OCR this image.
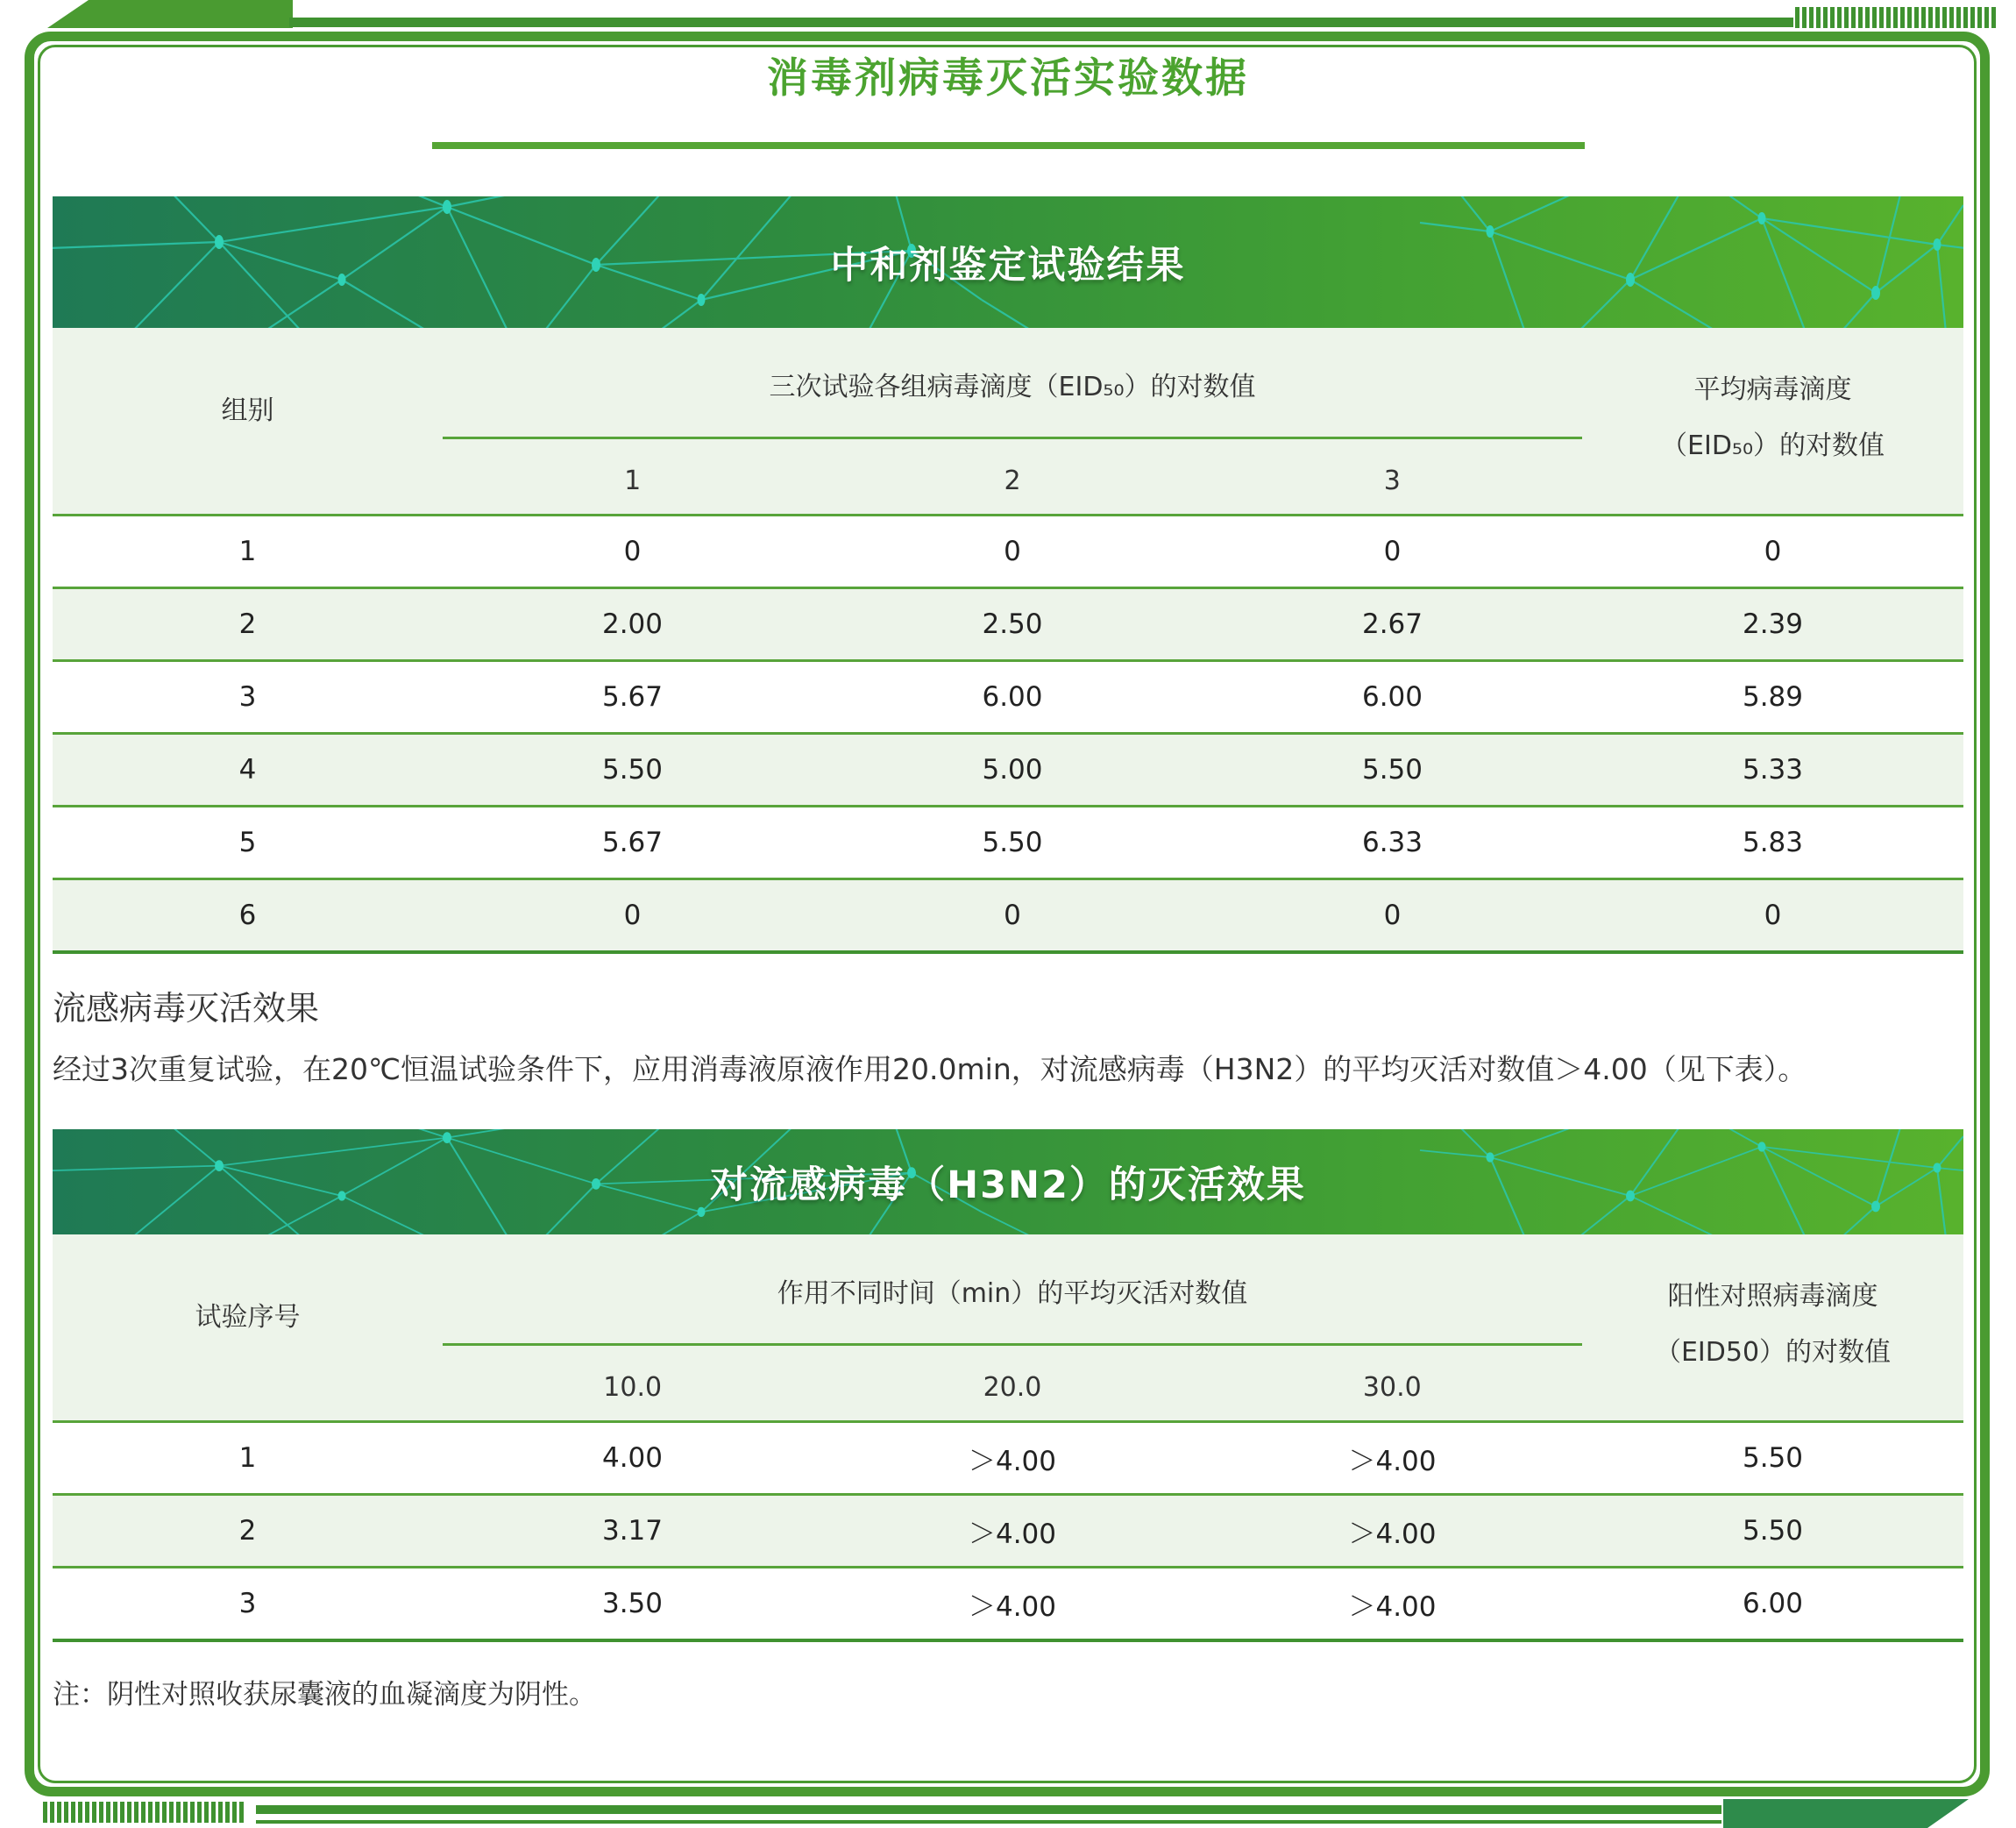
消毒剂病毒灭活实验数据
中和剂鉴定试验结果
组别
三次试验各组病毒滴度（EID₅₀）的对数值
1	2	3
平均病毒滴度
（EID₅₀）的对数值
1	0	0	0	0
2	2.00	2.50	2.67	2.39
3	5.67	6.00	6.00	5.89
4	5.50	5.00	5.50	5.33
5	5.67	5.50	6.33	5.83
6	0	0	0	0
流感病毒灭活效果

经过3次重复试验，在20℃恒温试验条件下，应用消毒液原液作用20.0min，对流感病毒（H3N2）的平均灭活对数值＞4.00（见下表）。

对流感病毒（H3N2）的灭活效果
试验序号
作用不同时间（min）的平均灭活对数值
10.0	20.0	30.0
阳性对照病毒滴度
（EID50）的对数值
1	4.00	＞4.00	＞4.00	5.50
2	3.17	＞4.00	＞4.00	5.50
3	3.50	＞4.00	＞4.00	6.00

注：阴性对照收获尿囊液的血凝滴度为阴性。
